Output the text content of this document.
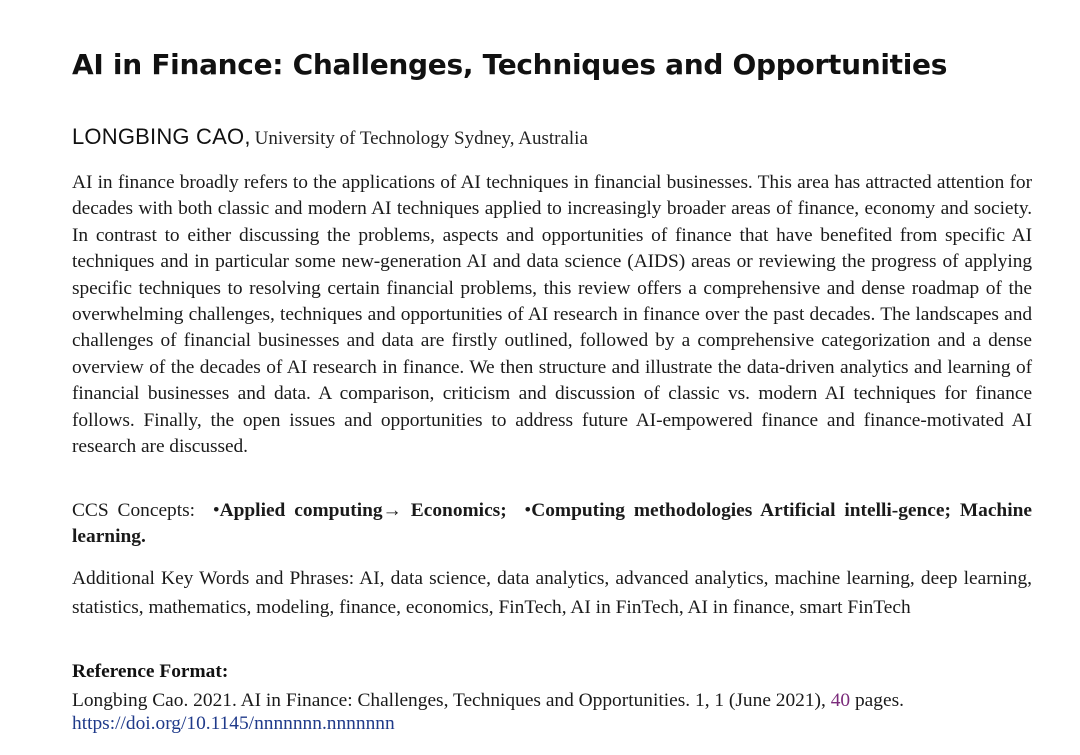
AI in Finance: Challenges, Techniques and Opportunities
LONGBING CAO, University of Technology Sydney, Australia

AI in finance broadly refers to the applications of AI techniques in financial businesses. This area has attracted attention for decades with both classic and modern AI techniques applied to increasingly broader areas of finance, economy and society. In contrast to either discussing the problems, aspects and opportunities of finance that have benefited from specific AI techniques and in particular some new-generation AI and data science (AIDS) areas or reviewing the progress of applying specific techniques to resolving certain financial problems, this review offers a comprehensive and dense roadmap of the overwhelming challenges, techniques and opportunities of AI research in finance over the past decades. The landscapes and challenges of financial businesses and data are firstly outlined, followed by a comprehensive categorization and a dense overview of the decades of AI research in finance. We then structure and illustrate the data-driven analytics and learning of financial businesses and data. A comparison, criticism and discussion of classic vs. modern AI techniques for finance follows. Finally, the open issues and opportunities to address future AI-empowered finance and finance-motivated AI research are discussed.

CCS Concepts: •Applied computing→ Economics; •Computing methodologies Artificial intelli-gence; Machine learning.

Additional Key Words and Phrases: AI, data science, data analytics, advanced analytics, machine learning, deep learning, statistics, mathematics, modeling, finance, economics, FinTech, AI in FinTech, AI in finance, smart FinTech

Reference Format:

Longbing Cao. 2021. AI in Finance: Challenges, Techniques and Opportunities. 1, 1 (June 2021), 40 pages.

https://doi.org/10.1145/nnnnnnn.nnnnnnn
